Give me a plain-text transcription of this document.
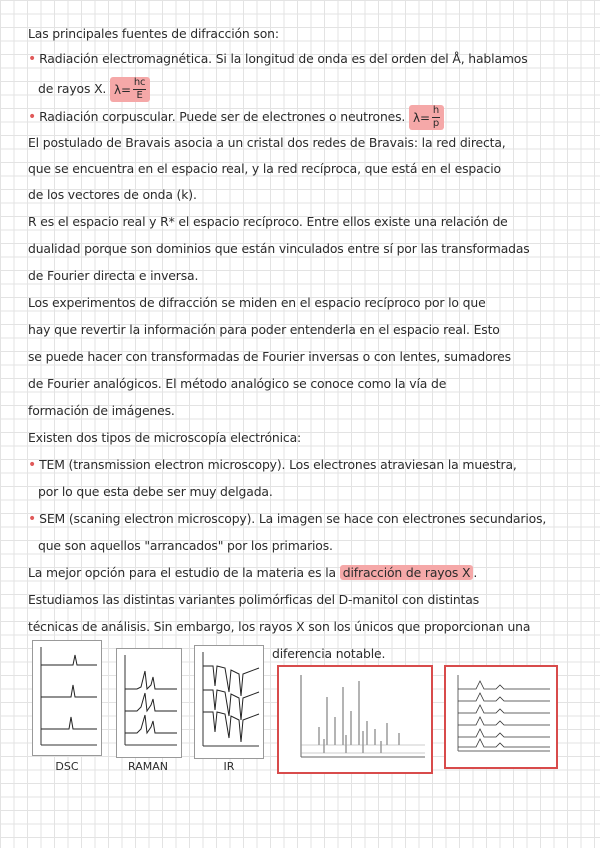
Las principales fuentes de difracción son:
• Radiación electromagnética. Si la longitud de onda es del orden del Å, hablamos
de rayos X. $\lambda= \frac{hc}{E}$
• Radiación corpuscular. Puede ser de electrones o neutrones. $\lambda= \frac{h}{p}$
El postulado de Bravais asocia a un cristal dos redes de Bravais: la red directa,
que se encuentra en el espacio real, y la red recíproca, que está en el espacio
de los vectores de onda (k).
R es el espacio real y R* el espacio recíproco. Entre ellos existe una relación de
dualidad porque son dominios que están vinculados entre sí por las transformadas
de Fourier directa e inversa.
Los experimentos de difracción se miden en el espacio recíproco por lo que
hay que revertir la información para poder entenderla en el espacio real. Esto
se puede hacer con transformadas de Fourier inversas o con lentes, sumadores
de Fourier analógicos. El método analógico se conoce como la vía de
formación de imágenes.
Existen dos tipos de microscopía electrónica:
• TEM (transmission electron microscopy). Los electrones atraviesan la muestra,
por lo que esta debe ser muy delgada.
• SEM (scaning electron microscopy). La imagen se hace con electrones secundarios,
que son aquellos "arrancados" por los primarios.
La mejor opción para el estudio de la materia es la difracción de rayos X .
Estudiamos las distintas variantes polimórficas del D-manitol con distintas
técnicas de análisis. Sin embargo, los rayos X son los únicos que proporcionan una
diferencia notable.
DSC	RAMAN	IR
